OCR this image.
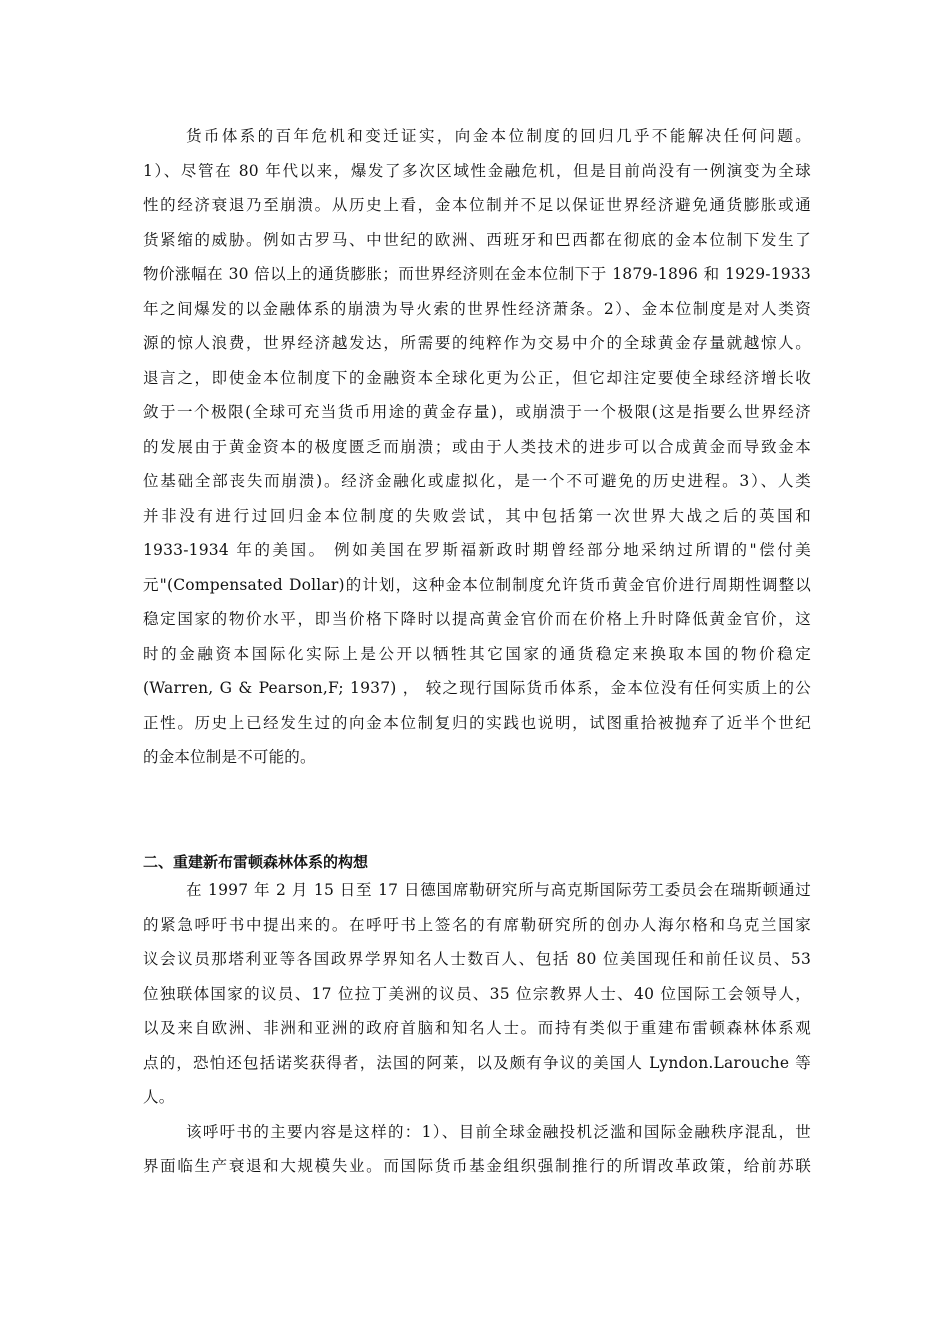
货币体系的百年危机和变迁证实，向金本位制度的回归几乎不能解决任何问题。
1）、尽管在 80 年代以来，爆发了多次区域性金融危机，但是目前尚没有一例演变为全球
性的经济衰退乃至崩溃。从历史上看，金本位制并不足以保证世界经济避免通货膨胀或通
货紧缩的威胁。例如古罗马、中世纪的欧洲、西班牙和巴西都在彻底的金本位制下发生了
物价涨幅在 30 倍以上的通货膨胀；而世界经济则在金本位制下于 1879-1896 和 1929-1933
年之间爆发的以金融体系的崩溃为导火索的世界性经济萧条。2）、金本位制度是对人类资
源的惊人浪费，世界经济越发达，所需要的纯粹作为交易中介的全球黄金存量就越惊人。
退言之，即使金本位制度下的金融资本全球化更为公正，但它却注定要使全球经济增长收
敛于一个极限(全球可充当货币用途的黄金存量)，或崩溃于一个极限(这是指要么世界经济
的发展由于黄金资本的极度匮乏而崩溃；或由于人类技术的进步可以合成黄金而导致金本
位基础全部丧失而崩溃)。经济金融化或虚拟化，是一个不可避免的历史进程。3）、人类
并非没有进行过回归金本位制度的失败尝试，其中包括第一次世界大战之后的英国和
1933-1934 年的美国。 例如美国在罗斯福新政时期曾经部分地采纳过所谓的"偿付美
元"(Compensated Dollar)的计划，这种金本位制制度允许货币黄金官价进行周期性调整以
稳定国家的物价水平，即当价格下降时以提高黄金官价而在价格上升时降低黄金官价，这
时的金融资本国际化实际上是公开以牺牲其它国家的通货稳定来换取本国的物价稳定
(Warren, G & Pearson,F; 1937) ， 较之现行国际货币体系，金本位没有任何实质上的公
正性。历史上已经发生过的向金本位制复归的实践也说明，试图重拾被抛弃了近半个世纪
的金本位制是不可能的。
二、重建新布雷顿森林体系的构想
在 1997 年 2 月 15 日至 17 日德国席勒研究所与高克斯国际劳工委员会在瑞斯顿通过
的紧急呼吁书中提出来的。在呼吁书上签名的有席勒研究所的创办人海尔格和乌克兰国家
议会议员那塔利亚等各国政界学界知名人士数百人、包括 80 位美国现任和前任议员、53
位独联体国家的议员、17 位拉丁美洲的议员、35 位宗教界人士、40 位国际工会领导人，
以及来自欧洲、非洲和亚洲的政府首脑和知名人士。而持有类似于重建布雷顿森林体系观
点的，恐怕还包括诺奖获得者，法国的阿莱，以及颇有争议的美国人 Lyndon.Larouche 等
人。
该呼吁书的主要内容是这样的：1）、目前全球金融投机泛滥和国际金融秩序混乱，世
界面临生产衰退和大规模失业。而国际货币基金组织强制推行的所谓改革政策，给前苏联
